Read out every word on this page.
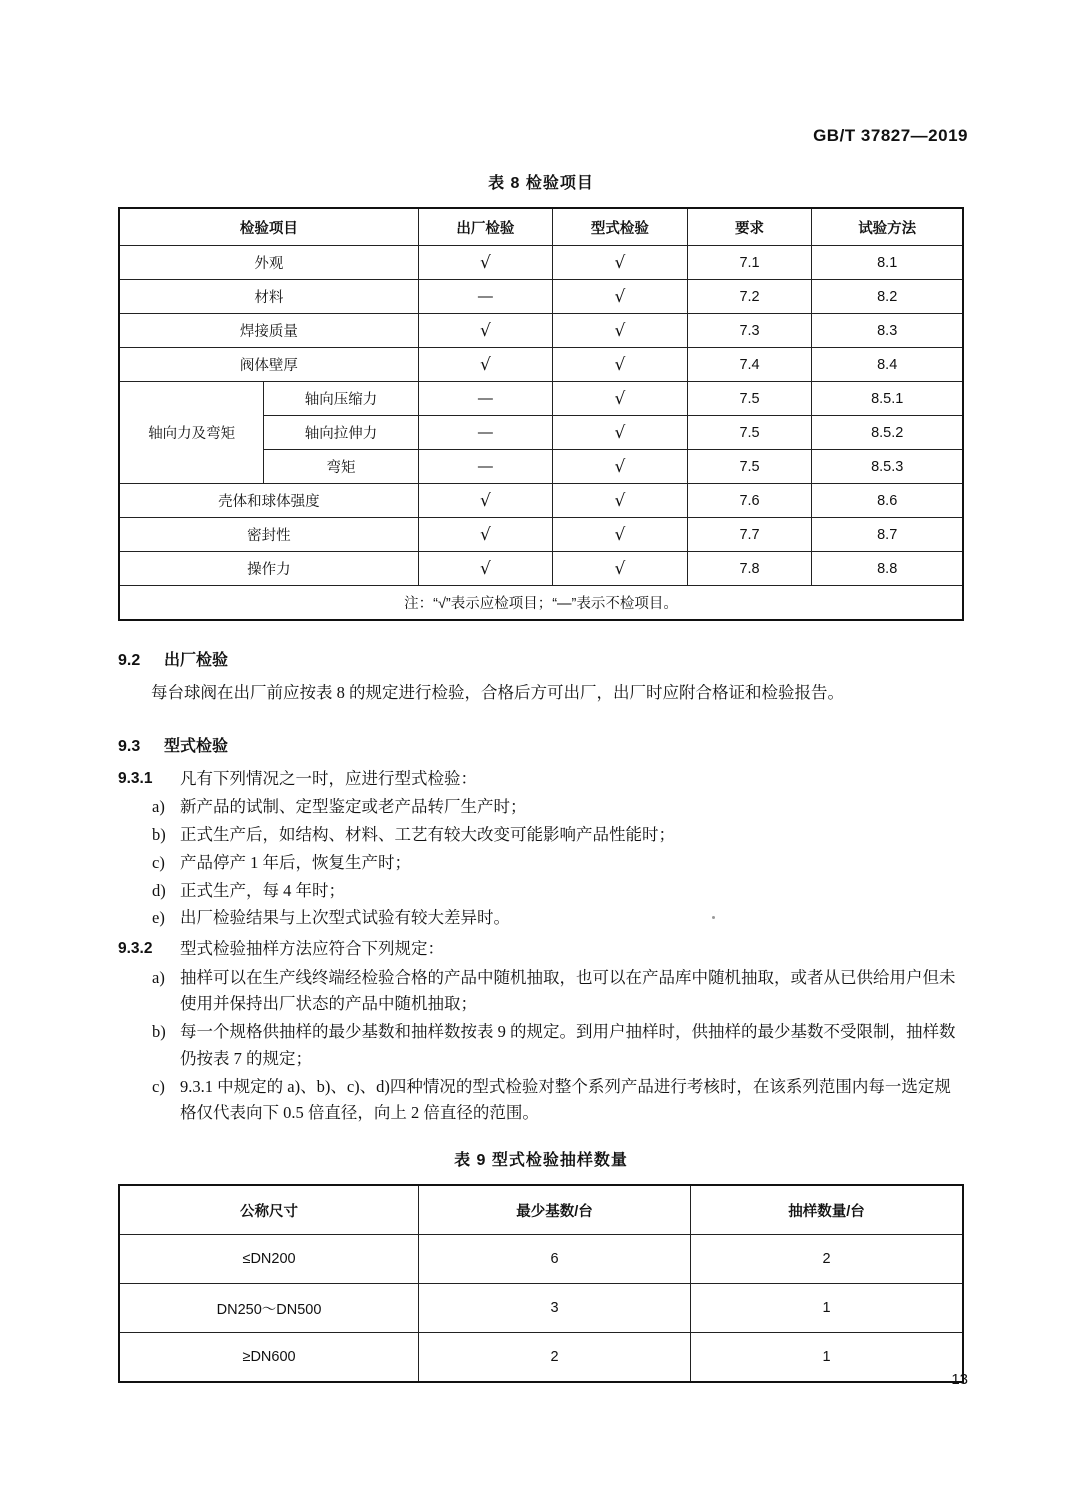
GB/T 37827—2019
表 8 检验项目
检验项目		出厂检验	型式检验	要求	试验方法
外观		√	√	7.1	8.1
材料		—	√	7.2	8.2
焊接质量		√	√	7.3	8.3
阀体壁厚		√	√	7.4	8.4
轴向力及弯矩	轴向压缩力	—	√	7.5	8.5.1
	轴向拉伸力	—	√	7.5	8.5.2
	弯矩	—	√	7.5	8.5.3
壳体和球体强度		√	√	7.6	8.6
密封性		√	√	7.7	8.7
操作力		√	√	7.8	8.8
注：“√”表示应检项目；“—”表示不检项目。					
9.2 出厂检验

每台球阀在出厂前应按表 8 的规定进行检验，合格后方可出厂，出厂时应附合格证和检验报告。

9.3 型式检验
9.3.1	凡有下列情况之一时，应进行型式检验：
a) 新产品的试制、定型鉴定或老产品转厂生产时；
b) 正式生产后，如结构、材料、工艺有较大改变可能影响产品性能时；
c) 产品停产 1 年后，恢复生产时；
d) 正式生产，每 4 年时；
e) 出厂检验结果与上次型式试验有较大差异时。
9.3.2	型式检验抽样方法应符合下列规定：
a) 抽样可以在生产线终端经检验合格的产品中随机抽取，也可以在产品库中随机抽取，或者从已供给用户但未使用并保持出厂状态的产品中随机抽取；
b) 每一个规格供抽样的最少基数和抽样数按表 9 的规定。到用户抽样时，供抽样的最少基数不受限制，抽样数仍按表 7 的规定；
c) 9.3.1 中规定的 a)、b)、c)、d)四种情况的型式检验对整个系列产品进行考核时，在该系列范围内每一选定规格仅代表向下 0.5 倍直径，向上 2 倍直径的范围。
表 9 型式检验抽样数量
公称尺寸	最少基数/台	抽样数量/台
≤DN200	6	2
DN250～DN500	3	1
≥DN600	2	1
13
